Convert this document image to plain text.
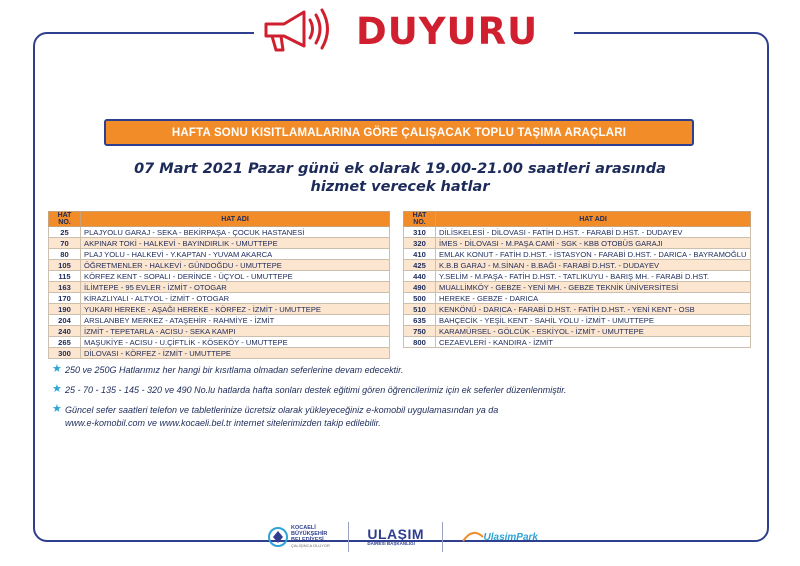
DUYURU
HAFTA SONU KISITLAMALARINA GÖRE ÇALIŞACAK TOPLU TAŞIMA ARAÇLARI
07 Mart 2021 Pazar günü ek olarak 19.00-21.00 saatleri arasında
hizmet verecek hatlar
HAT NO.	HAT ADI
25	PLAJYOLU GARAJ - SEKA - BEKİRPAŞA - ÇOCUK HASTANESİ
70	AKPINAR TOKİ - HALKEVİ - BAYINDIRLIK - UMUTTEPE
80	PLAJ YOLU - HALKEVİ - Y.KAPTAN - YUVAM AKARCA
105	ÖĞRETMENLER - HALKEVİ - GÜNDOĞDU - UMUTTEPE
115	KÖRFEZ KENT - SOPALI - DERİNCE - ÜÇYOL - UMUTTEPE
163	İLİMTEPE - 95 EVLER - İZMİT - OTOGAR
170	KİRAZLIYALI - ALTYOL - İZMİT - OTOGAR
190	YUKARI HEREKE - AŞAĞI HEREKE - KÖRFEZ - İZMİT - UMUTTEPE
204	ARSLANBEY MERKEZ - ATAŞEHİR - RAHMİYE - İZMİT
240	İZMİT - TEPETARLA - ACISU - SEKA KAMPI
265	MAŞUKİYE - ACISU - U.ÇİFTLİK - KÖSEKÖY - UMUTTEPE
300	DİLOVASI - KÖRFEZ - İZMİT - UMUTTEPE
HAT NO.	HAT ADI
310	DİLİSKELESİ - DİLOVASI - FATİH D.HST. - FARABİ D.HST. - DUDAYEV
320	İMES - DİLOVASI - M.PAŞA CAMİ - SGK - KBB OTOBÜS GARAJI
410	EMLAK KONUT - FATİH D.HST. - İSTASYON - FARABİ D.HST. - DARICA - BAYRAMOĞLU
425	K.B.B GARAJ - M.SİNAN - B.BAĞI - FARABİ D.HST. - DUDAYEV
440	Y.SELİM - M.PAŞA - FATİH D.HST. - TATLIKUYU - BARIŞ MH. - FARABİ D.HST.
490	MUALLİMKÖY - GEBZE - YENİ MH. - GEBZE TEKNİK ÜNİVERSİTESİ
500	HEREKE - GEBZE - DARICA
510	KENKÖNÜ - DARICA - FARABİ D.HST. - FATİH D.HST. - YENİ KENT - OSB
635	BAHÇECİK - YEŞİL KENT - SAHİL YOLU - İZMİT - UMUTTEPE
750	KARAMÜRSEL - GÖLCÜK - ESKİYOL - İZMİT - UMUTTEPE
800	CEZAEVLERİ - KANDIRA - İZMİT
★ 250 ve 250G Hatlarımız her hangi bir kısıtlama olmadan seferlerine devam edecektir.
★ 25 - 70 - 135 - 145 - 320 ve 490 No.lu hatlarda hafta sonları destek eğitimi gören öğrencilerimiz için ek seferler düzenlenmiştir.
★ Güncel sefer saatleri telefon ve tabletlerinize ücretsiz olarak yükleyeceğiniz e-komobil uygulamasından ya da
www.e-komobil.com ve www.kocaeli.bel.tr internet sitelerimizden takip edilebilir.
KOCAELİ
BÜYÜKŞEHİR
BELEDİYESİ
ÇALIŞINCA OLUYOR
ULAŞIM
DAİRESİ BAŞKANLIĞI
UlasimPark
